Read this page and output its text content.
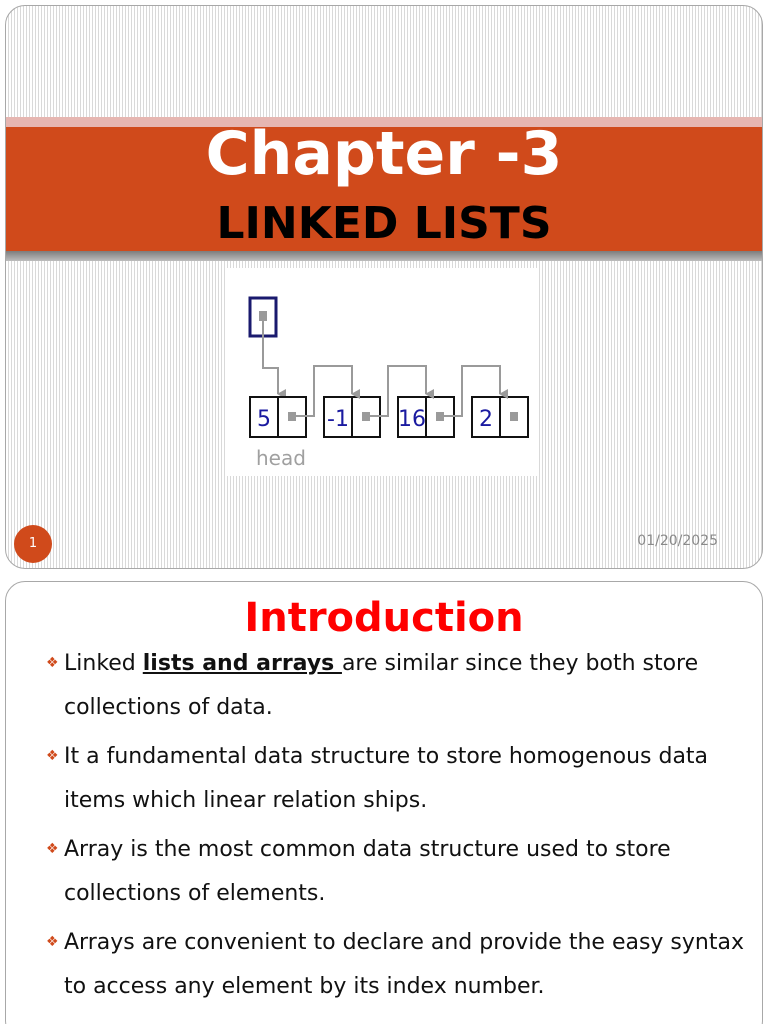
Chapter -3
LINKED LISTS
5	-1 16 2
head
1	01/20/2025
Introduction
❖ Linked lists and arrays are similar since they both store collections of data.
❖ It a fundamental data structure to store homogenous data items which linear relation ships.
❖ Array is the most common data structure used to store collections of elements.
❖ Arrays are convenient to declare and provide the easy syntax to access any element by its index number.
